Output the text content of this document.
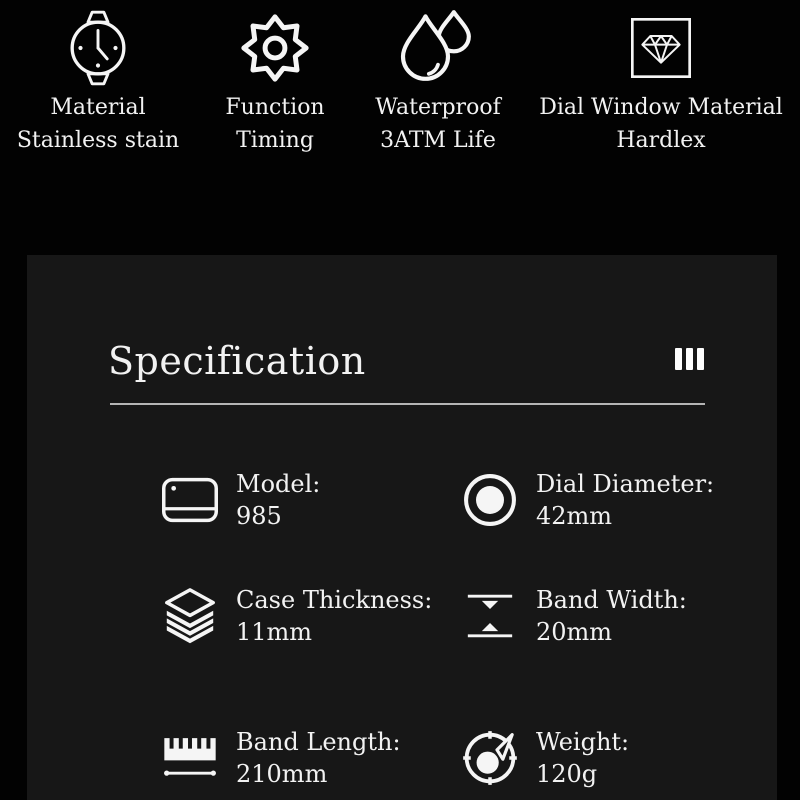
Material
Stainless stain
Function
Timing
Waterproof
3ATM Life
Dial Window Material
Hardlex
Specification
Model:
985
Dial Diameter:
42mm
Case Thickness:
11mm
Band Width:
20mm
Band Length:
210mm
Weight:
120g
